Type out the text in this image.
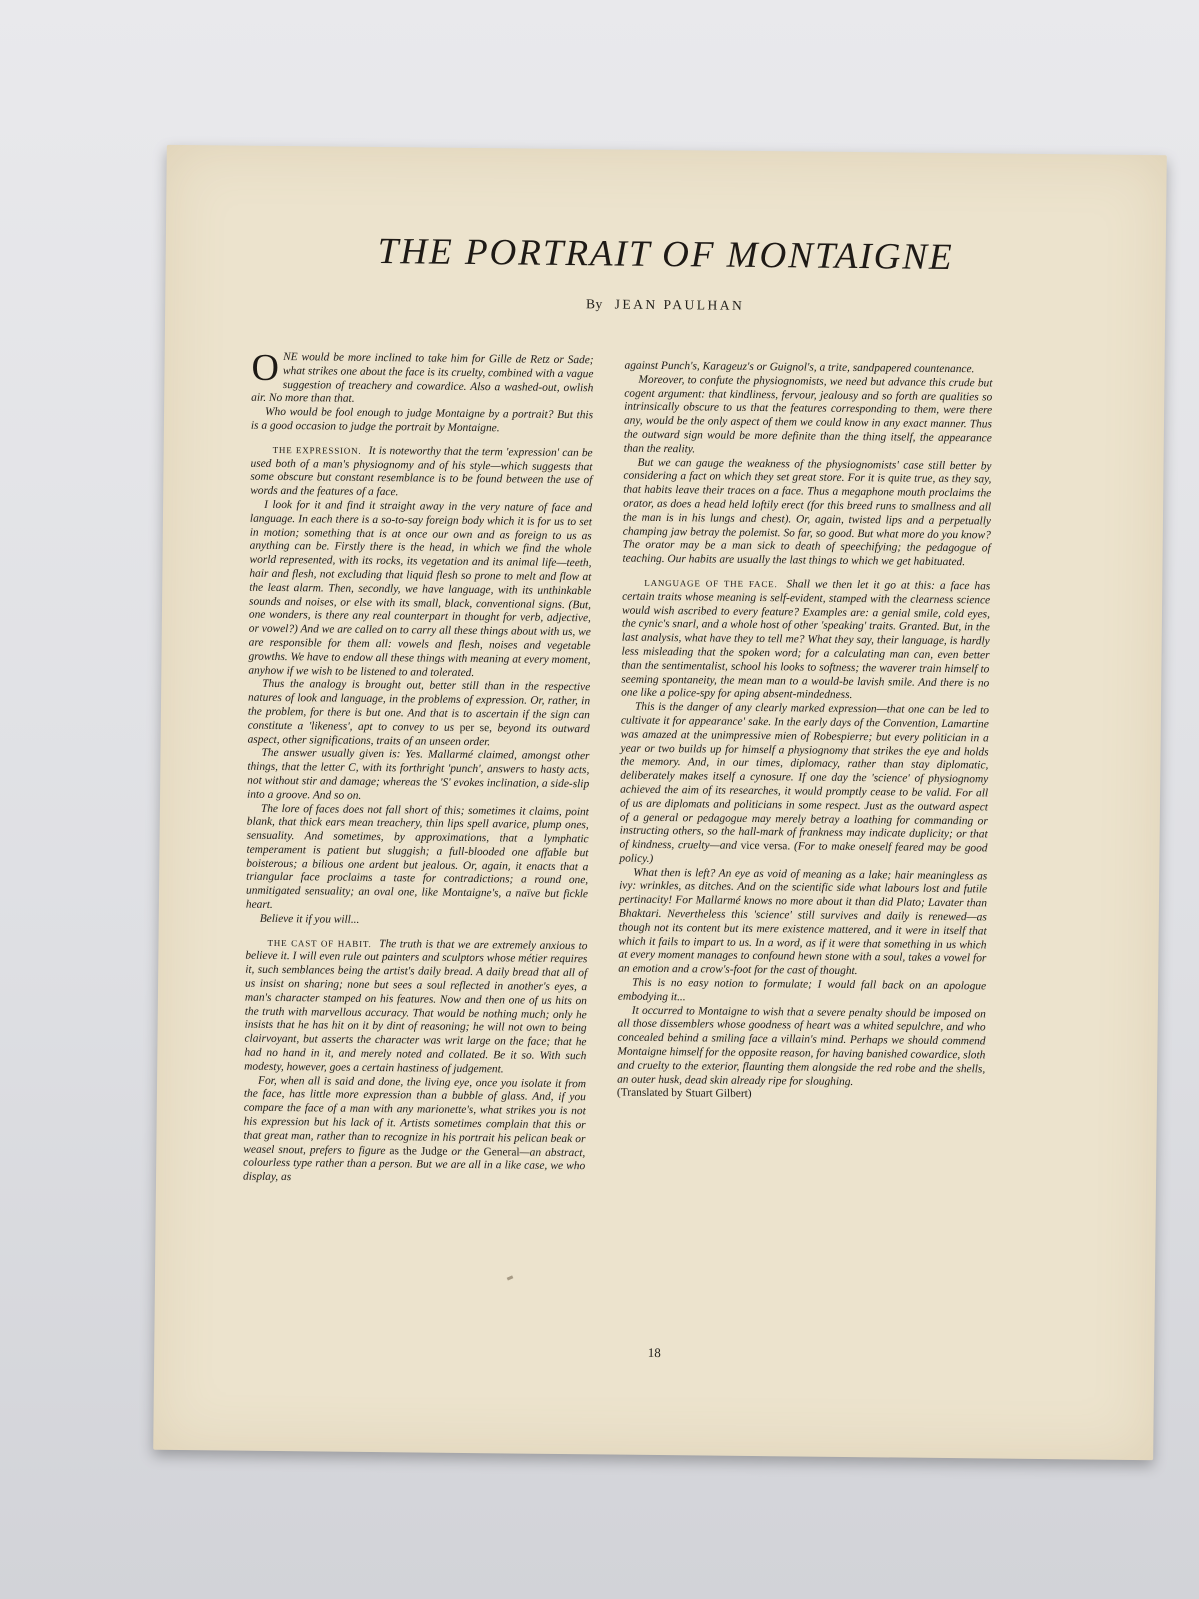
THE PORTRAIT OF MONTAIGNE
By JEAN PAULHAN

ONE would be more inclined to take him for Gille de Retz or Sade; what strikes one about the face is its cruelty, combined with a vague suggestion of treachery and cowardice. Also a washed-out, owlish air. No more than that.

Who would be fool enough to judge Montaigne by a portrait? But this is a good occasion to judge the portrait by Montaigne.

THE EXPRESSION. It is noteworthy that the term 'expression' can be used both of a man's physiognomy and of his style—which suggests that some obscure but constant resemblance is to be found between the use of words and the features of a face.

I look for it and find it straight away in the very nature of face and language. In each there is a so-to-say foreign body which it is for us to set in motion; something that is at once our own and as foreign to us as anything can be. Firstly there is the head, in which we find the whole world represented, with its rocks, its vegetation and its animal life—teeth, hair and flesh, not excluding that liquid flesh so prone to melt and flow at the least alarm. Then, secondly, we have language, with its unthinkable sounds and noises, or else with its small, black, conventional signs. (But, one wonders, is there any real counterpart in thought for verb, adjective, or vowel?) And we are called on to carry all these things about with us, we are responsible for them all: vowels and flesh, noises and vegetable growths. We have to endow all these things with meaning at every moment, anyhow if we wish to be listened to and tolerated.

Thus the analogy is brought out, better still than in the respective natures of look and language, in the problems of expression. Or, rather, in the problem, for there is but one. And that is to ascertain if the sign can constitute a 'likeness', apt to convey to us per se, beyond its outward aspect, other significations, traits of an unseen order.

The answer usually given is: Yes. Mallarmé claimed, amongst other things, that the letter C, with its forthright 'punch', answers to hasty acts, not without stir and damage; whereas the 'S' evokes inclination, a side-slip into a groove. And so on.

The lore of faces does not fall short of this; sometimes it claims, point blank, that thick ears mean treachery, thin lips spell avarice, plump ones, sensuality. And sometimes, by approximations, that a lymphatic temperament is patient but sluggish; a full-blooded one affable but boisterous; a bilious one ardent but jealous. Or, again, it enacts that a triangular face proclaims a taste for contradictions; a round one, unmitigated sensuality; an oval one, like Montaigne's, a naïve but fickle heart.

Believe it if you will...

THE CAST OF HABIT. The truth is that we are extremely anxious to believe it. I will even rule out painters and sculptors whose métier requires it, such semblances being the artist's daily bread. A daily bread that all of us insist on sharing; none but sees a soul reflected in another's eyes, a man's character stamped on his features. Now and then one of us hits on the truth with marvellous accuracy. That would be nothing much; only he insists that he has hit on it by dint of reasoning; he will not own to being clairvoyant, but asserts the character was writ large on the face; that he had no hand in it, and merely noted and collated. Be it so. With such modesty, however, goes a certain hastiness of judgement.

For, when all is said and done, the living eye, once you isolate it from the face, has little more expression than a bubble of glass. And, if you compare the face of a man with any marionette's, what strikes you is not his expression but his lack of it. Artists sometimes complain that this or that great man, rather than to recognize in his portrait his pelican beak or weasel snout, prefers to figure as the Judge or the General—an abstract, colourless type rather than a person. But we are all in a like case, we who display, as

against Punch's, Karageuz's or Guignol's, a trite, sandpapered countenance.

Moreover, to confute the physiognomists, we need but advance this crude but cogent argument: that kindliness, fervour, jealousy and so forth are qualities so intrinsically obscure to us that the features corresponding to them, were there any, would be the only aspect of them we could know in any exact manner. Thus the outward sign would be more definite than the thing itself, the appearance than the reality.

But we can gauge the weakness of the physiognomists' case still better by considering a fact on which they set great store. For it is quite true, as they say, that habits leave their traces on a face. Thus a megaphone mouth proclaims the orator, as does a head held loftily erect (for this breed runs to smallness and all the man is in his lungs and chest). Or, again, twisted lips and a perpetually champing jaw betray the polemist. So far, so good. But what more do you know? The orator may be a man sick to death of speechifying; the pedagogue of teaching. Our habits are usually the last things to which we get habituated.

LANGUAGE OF THE FACE. Shall we then let it go at this: a face has certain traits whose meaning is self-evident, stamped with the clearness science would wish ascribed to every feature? Examples are: a genial smile, cold eyes, the cynic's snarl, and a whole host of other 'speaking' traits. Granted. But, in the last analysis, what have they to tell me? What they say, their language, is hardly less misleading that the spoken word; for a calculating man can, even better than the sentimentalist, school his looks to softness; the waverer train himself to seeming spontaneity, the mean man to a would-be lavish smile. And there is no one like a police-spy for aping absent-mindedness.

This is the danger of any clearly marked expression—that one can be led to cultivate it for appearance' sake. In the early days of the Convention, Lamartine was amazed at the unimpressive mien of Robespierre; but every politician in a year or two builds up for himself a physiognomy that strikes the eye and holds the memory. And, in our times, diplomacy, rather than stay diplomatic, deliberately makes itself a cynosure. If one day the 'science' of physiognomy achieved the aim of its researches, it would promptly cease to be valid. For all of us are diplomats and politicians in some respect. Just as the outward aspect of a general or pedagogue may merely betray a loathing for commanding or instructing others, so the hall-mark of frankness may indicate duplicity; or that of kindness, cruelty—and vice versa. (For to make oneself feared may be good policy.)

What then is left? An eye as void of meaning as a lake; hair meaningless as ivy: wrinkles, as ditches. And on the scientific side what labours lost and futile pertinacity! For Mallarmé knows no more about it than did Plato; Lavater than Bhaktari. Nevertheless this 'science' still survives and daily is renewed—as though not its content but its mere existence mattered, and it were in itself that which it fails to impart to us. In a word, as if it were that something in us which at every moment manages to confound hewn stone with a soul, takes a vowel for an emotion and a crow's-foot for the cast of thought.

This is no easy notion to formulate; I would fall back on an apologue embodying it...

It occurred to Montaigne to wish that a severe penalty should be imposed on all those dissemblers whose goodness of heart was a whited sepulchre, and who concealed behind a smiling face a villain's mind. Perhaps we should commend Montaigne himself for the opposite reason, for having banished cowardice, sloth and cruelty to the exterior, flaunting them alongside the red robe and the shells, an outer husk, dead skin already ripe for sloughing.

(Translated by Stuart Gilbert)

18
